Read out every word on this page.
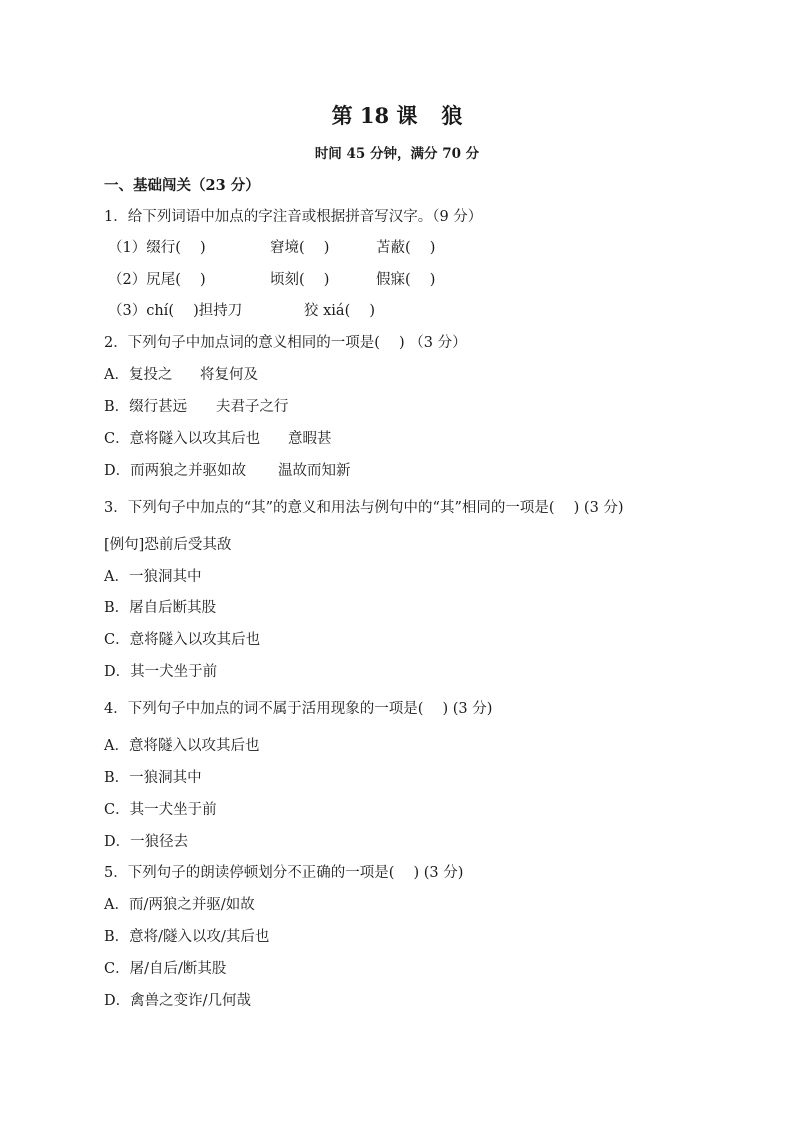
第 18 课 狼
时间 45 分钟，满分 70 分
一、基础闯关（23 分）
1．给下列词语中加点的字注音或根据拼音写汉字。（9 分）
（1）缀行(　 )	窘境(　 )	苫蔽(　 )
（2）尻尾(　 )	顷刻(　 )	假寐(　 )
（3）chí(　 )担持刀	狡 xiá(　 )
2．下列句子中加点词的意义相同的一项是(　 ) （3 分）
A．复投之 将复何及
B．缀行甚远 夫君子之行
C．意将隧入以攻其后也 意暇甚
D．而两狼之并驱如故 温故而知新
3．下列句子中加点的“其”的意义和用法与例句中的“其”相同的一项是(　 ) (3 分)
[例句]恐前后受其敌
A．一狼洞其中
B．屠自后断其股
C．意将隧入以攻其后也
D．其一犬坐于前
4．下列句子中加点的词不属于活用现象的一项是(　 ) (3 分)
A．意将隧入以攻其后也
B．一狼洞其中
C．其一犬坐于前
D．一狼径去
5．下列句子的朗读停顿划分不正确的一项是(　 ) (3 分)
A．而/两狼之并驱/如故
B．意将/隧入以攻/其后也
C．屠/自后/断其股
D．禽兽之变诈/几何哉
